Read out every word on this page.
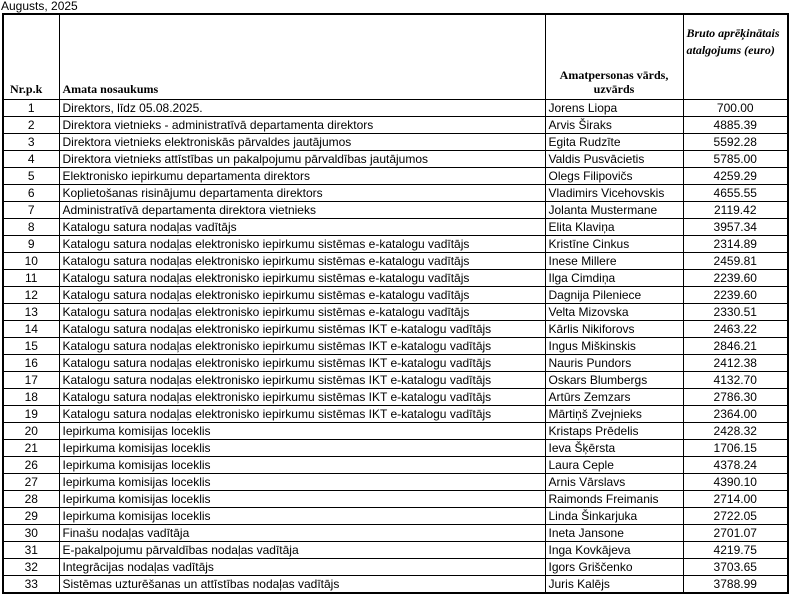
Augusts, 2025
Nr.p.k	Amata nosaukums	Amatpersonas vārds, uzvārds	Bruto aprēķinātais atalgojums (euro)
1	Direktors, līdz 05.08.2025.	Jorens Liopa	700.00
2	Direktora vietnieks - administratīvā departamenta direktors	Arvis Širaks	4885.39
3	Direktora vietnieks elektroniskās pārvaldes jautājumos	Egita Rudzīte	5592.28
4	Direktora vietnieks attīstības un pakalpojumu pārvaldības jautājumos	Valdis Pusvācietis	5785.00
5	Elektronisko iepirkumu departamenta direktors	Olegs Filipovičs	4259.29
6	Koplietošanas risinājumu departamenta direktors	Vladimirs Vicehovskis	4655.55
7	Administratīvā departamenta direktora vietnieks	Jolanta Mustermane	2119.42
8	Katalogu satura nodaļas vadītājs	Elita Klaviņa	3957.34
9	Katalogu satura nodaļas elektronisko iepirkumu sistēmas e-katalogu vadītājs	Kristīne Cinkus	2314.89
10	Katalogu satura nodaļas elektronisko iepirkumu sistēmas e-katalogu vadītājs	Inese Millere	2459.81
11	Katalogu satura nodaļas elektronisko iepirkumu sistēmas e-katalogu vadītājs	Ilga Cimdiņa	2239.60
12	Katalogu satura nodaļas elektronisko iepirkumu sistēmas e-katalogu vadītājs	Dagnija Pileniece	2239.60
13	Katalogu satura nodaļas elektronisko iepirkumu sistēmas e-katalogu vadītājs	Velta Mizovska	2330.51
14	Katalogu satura nodaļas elektronisko iepirkumu sistēmas IKT e-katalogu vadītājs	Kārlis Nikiforovs	2463.22
15	Katalogu satura nodaļas elektronisko iepirkumu sistēmas IKT e-katalogu vadītājs	Ingus Miškinskis	2846.21
16	Katalogu satura nodaļas elektronisko iepirkumu sistēmas IKT e-katalogu vadītājs	Nauris Pundors	2412.38
17	Katalogu satura nodaļas elektronisko iepirkumu sistēmas IKT e-katalogu vadītājs	Oskars Blumbergs	4132.70
18	Katalogu satura nodaļas elektronisko iepirkumu sistēmas IKT e-katalogu vadītājs	Artūrs Zemzars	2786.30
19	Katalogu satura nodaļas elektronisko iepirkumu sistēmas IKT e-katalogu vadītājs	Mārtiņš Zvejnieks	2364.00
20	Iepirkuma komisijas loceklis	Kristaps Prēdelis	2428.32
21	Iepirkuma komisijas loceklis	Ieva Šķērsta	1706.15
26	Iepirkuma komisijas loceklis	Laura Ceple	4378.24
27	Iepirkuma komisijas loceklis	Arnis Vārslavs	4390.10
28	Iepirkuma komisijas loceklis	Raimonds Freimanis	2714.00
29	Iepirkuma komisijas loceklis	Linda Šinkarjuka	2722.05
30	Finašu nodaļas vadītāja	Ineta Jansone	2701.07
31	E-pakalpojumu pārvaldības nodaļas vadītāja	Inga Kovkājeva	4219.75
32	Integrācijas nodaļas vadītājs	Igors Griščenko	3703.65
33	Sistēmas uzturēšanas un attīstības nodaļas vadītājs	Juris Kalējs	3788.99
